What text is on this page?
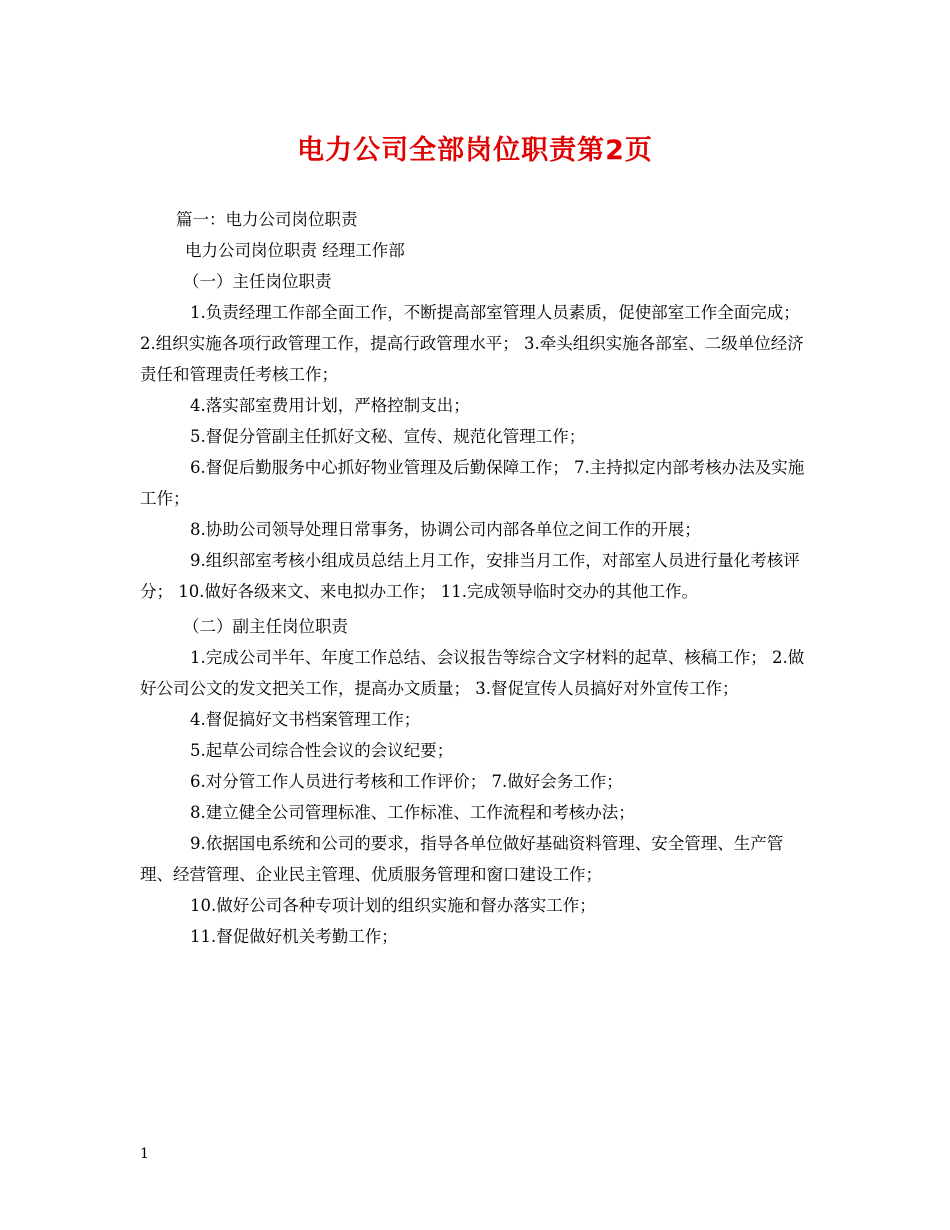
电力公司全部岗位职责第2页

篇一：电力公司岗位职责

电力公司岗位职责 经理工作部

（一）主任岗位职责

1.负责经理工作部全面工作，不断提高部室管理人员素质，促使部室工作全面完成； 2.组织实施各项行政管理工作，提高行政管理水平； 3.牵头组织实施各部室、二级单位经济责任和管理责任考核工作；

4.落实部室费用计划，严格控制支出；

5.督促分管副主任抓好文秘、宣传、规范化管理工作；

6.督促后勤服务中心抓好物业管理及后勤保障工作； 7.主持拟定内部考核办法及实施工作；

8.协助公司领导处理日常事务，协调公司内部各单位之间工作的开展；

9.组织部室考核小组成员总结上月工作，安排当月工作，对部室人员进行量化考核评分； 10.做好各级来文、来电拟办工作； 11.完成领导临时交办的其他工作。

（二）副主任岗位职责

1.完成公司半年、年度工作总结、会议报告等综合文字材料的起草、核稿工作； 2.做好公司公文的发文把关工作，提高办文质量； 3.督促宣传人员搞好对外宣传工作；

4.督促搞好文书档案管理工作；

5.起草公司综合性会议的会议纪要；

6.对分管工作人员进行考核和工作评价； 7.做好会务工作；

8.建立健全公司管理标准、工作标准、工作流程和考核办法；

9.依据国电系统和公司的要求，指导各单位做好基础资料管理、安全管理、生产管理、经营管理、企业民主管理、优质服务管理和窗口建设工作；

10.做好公司各种专项计划的组织实施和督办落实工作；

11.督促做好机关考勤工作；

1
